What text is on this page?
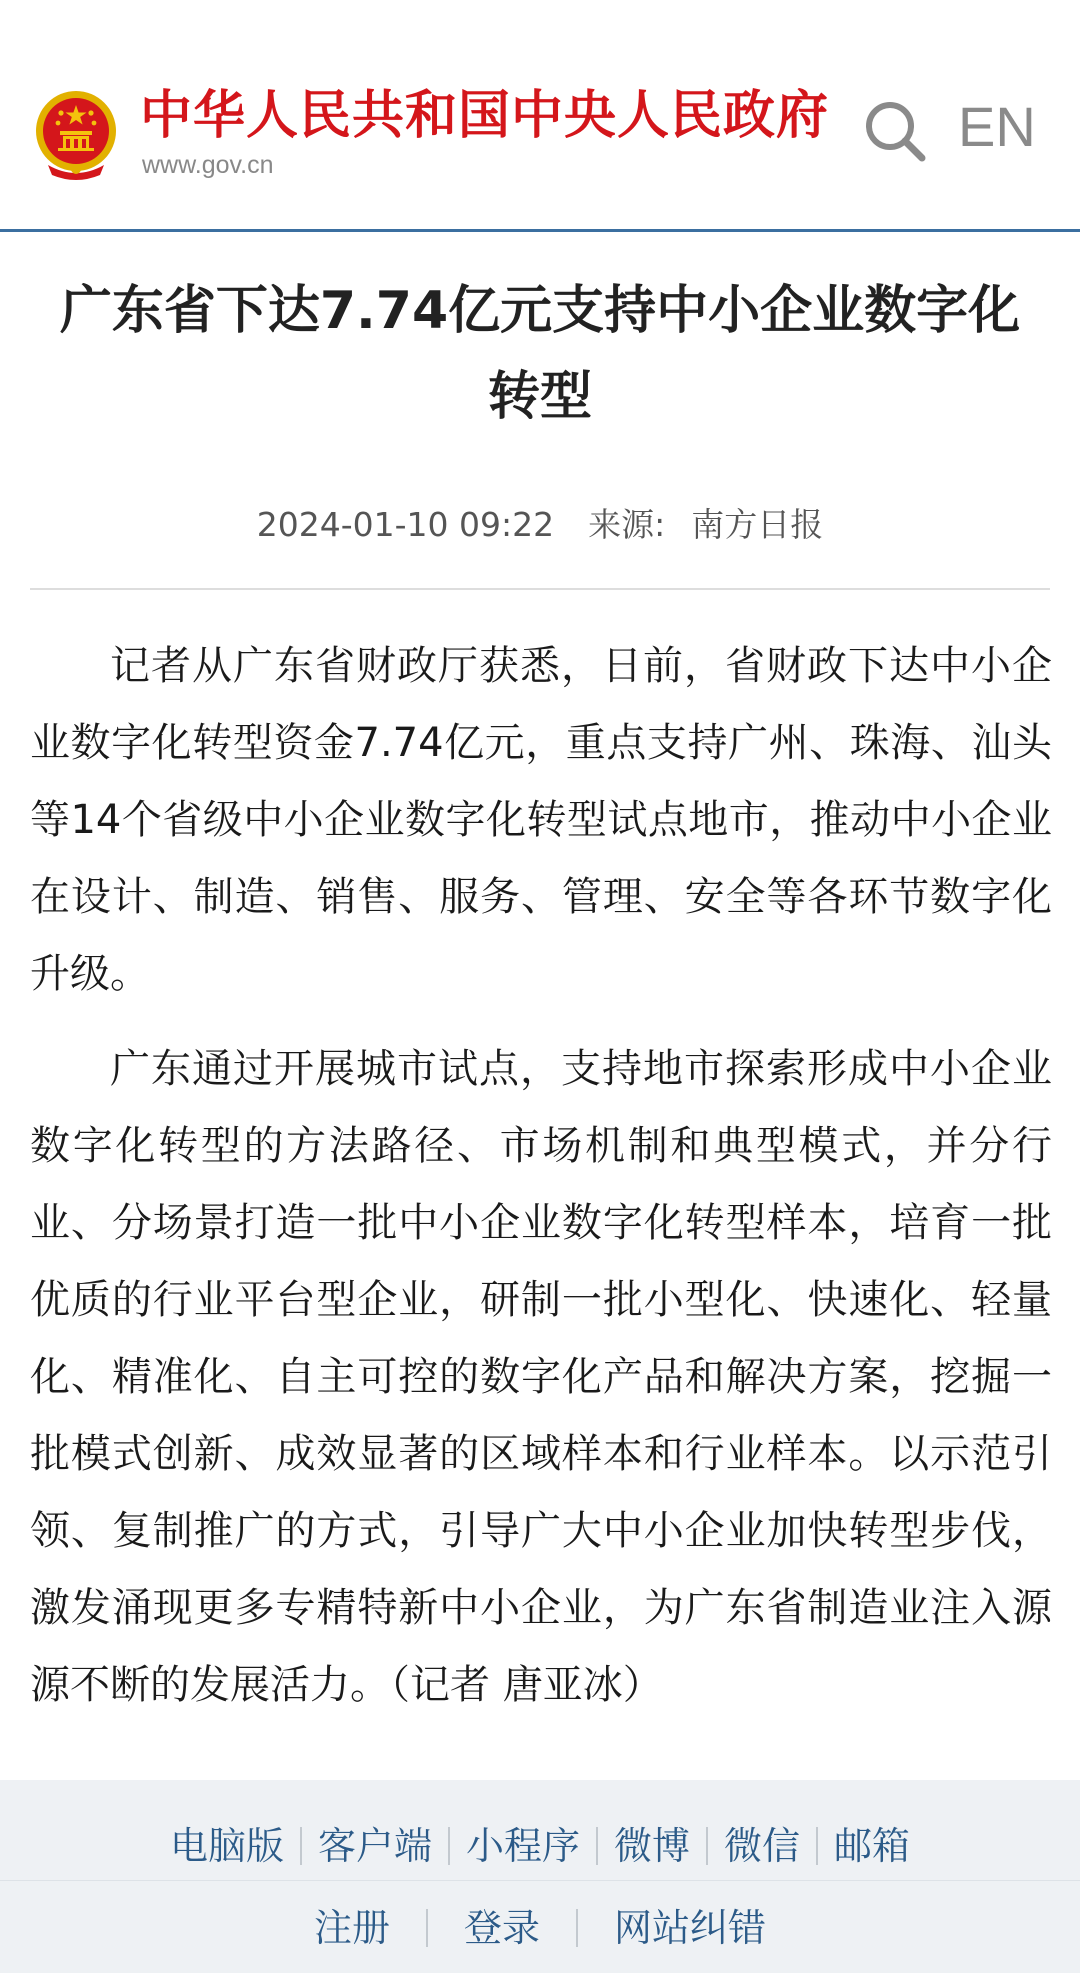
中华人民共和国中央人民政府
www.gov.cn
EN
广东省下达7.74亿元支持中小企业数字化转型
2024-01-10 09:22 来源: 南方日报

记者从广东省财政厅获悉，日前，省财政下达中小企业数字化转型资金7.74亿元，重点支持广州、珠海、汕头等14个省级中小企业数字化转型试点地市，推动中小企业在设计、制造、销售、服务、管理、安全等各环节数字化升级。

广东通过开展城市试点，支持地市探索形成中小企业数字化转型的方法路径、市场机制和典型模式，并分行业、分场景打造一批中小企业数字化转型样本，培育一批优质的行业平台型企业，研制一批小型化、快速化、轻量化、精准化、自主可控的数字化产品和解决方案，挖掘一批模式创新、成效显著的区域样本和行业样本。以示范引领、复制推广的方式，引导广大中小企业加快转型步伐，激发涌现更多专精特新中小企业，为广东省制造业注入源源不断的发展活力。（记者 唐亚冰）

电脑版 客户端 小程序 微博 微信 邮箱
注册	登录	网站纠错
